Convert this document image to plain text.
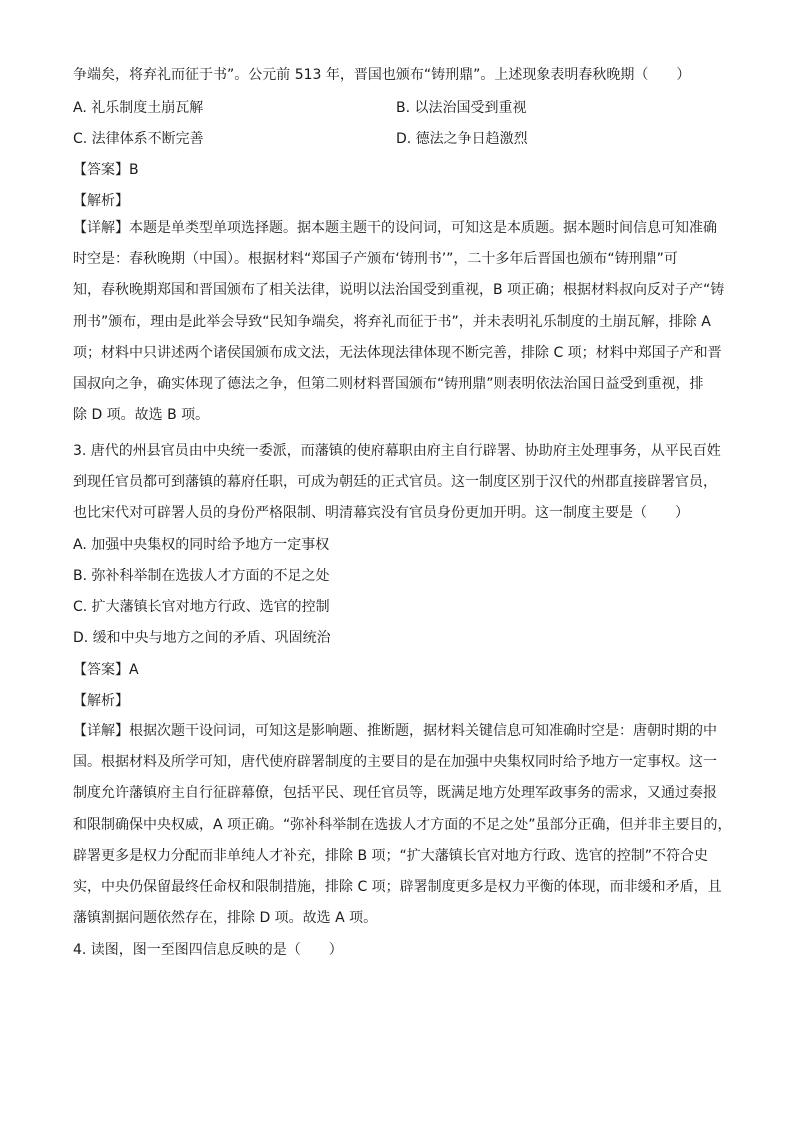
争端矣，将弃礼而征于书”。公元前 513 年，晋国也颁布“铸刑鼎”。上述现象表明春秋晚期（　　）
A. 礼乐制度土崩瓦解	B. 以法治国受到重视
C. 法律体系不断完善	D. 德法之争日趋激烈
【答案】B
【解析】
【详解】本题是单类型单项选择题。据本题主题干的设问词，可知这是本质题。据本题时间信息可知准确
时空是：春秋晚期（中国）。根据材料“郑国子产颁布‘铸刑书’”，二十多年后晋国也颁布“铸刑鼎”可
知，春秋晚期郑国和晋国颁布了相关法律，说明以法治国受到重视，B 项正确；根据材料叔向反对子产“铸
刑书”颁布，理由是此举会导致“民知争端矣，将弃礼而征于书”，并未表明礼乐制度的土崩瓦解，排除 A
项；材料中只讲述两个诸侯国颁布成文法，无法体现法律体现不断完善，排除 C 项；材料中郑国子产和晋
国叔向之争，确实体现了德法之争，但第二则材料晋国颁布“铸刑鼎”则表明依法治国日益受到重视，排
除 D 项。故选 B 项。
3. 唐代的州县官员由中央统一委派，而藩镇的使府幕职由府主自行辟署、协助府主处理事务，从平民百姓
到现任官员都可到藩镇的幕府任职，可成为朝廷的正式官员。这一制度区别于汉代的州郡直接辟署官员，
也比宋代对可辟署人员的身份严格限制、明清幕宾没有官员身份更加开明。这一制度主要是（　　）
A. 加强中央集权的同时给予地方一定事权
B. 弥补科举制在选拔人才方面的不足之处
C. 扩大藩镇长官对地方行政、选官的控制
D. 缓和中央与地方之间的矛盾、巩固统治
【答案】A
【解析】
【详解】根据次题干设问词，可知这是影响题、推断题，据材料关键信息可知准确时空是：唐朝时期的中
国。根据材料及所学可知，唐代使府辟署制度的主要目的是在加强中央集权同时给予地方一定事权。这一
制度允许藩镇府主自行征辟幕僚，包括平民、现任官员等，既满足地方处理军政事务的需求，又通过奏报
和限制确保中央权威，A 项正确。“弥补科举制在选拔人才方面的不足之处”虽部分正确，但并非主要目的，
辟署更多是权力分配而非单纯人才补充，排除 B 项；“扩大藩镇长官对地方行政、选官的控制”不符合史
实，中央仍保留最终任命权和限制措施，排除 C 项；辟署制度更多是权力平衡的体现，而非缓和矛盾，且
藩镇割据问题依然存在，排除 D 项。故选 A 项。
4. 读图，图一至图四信息反映的是（　　）
